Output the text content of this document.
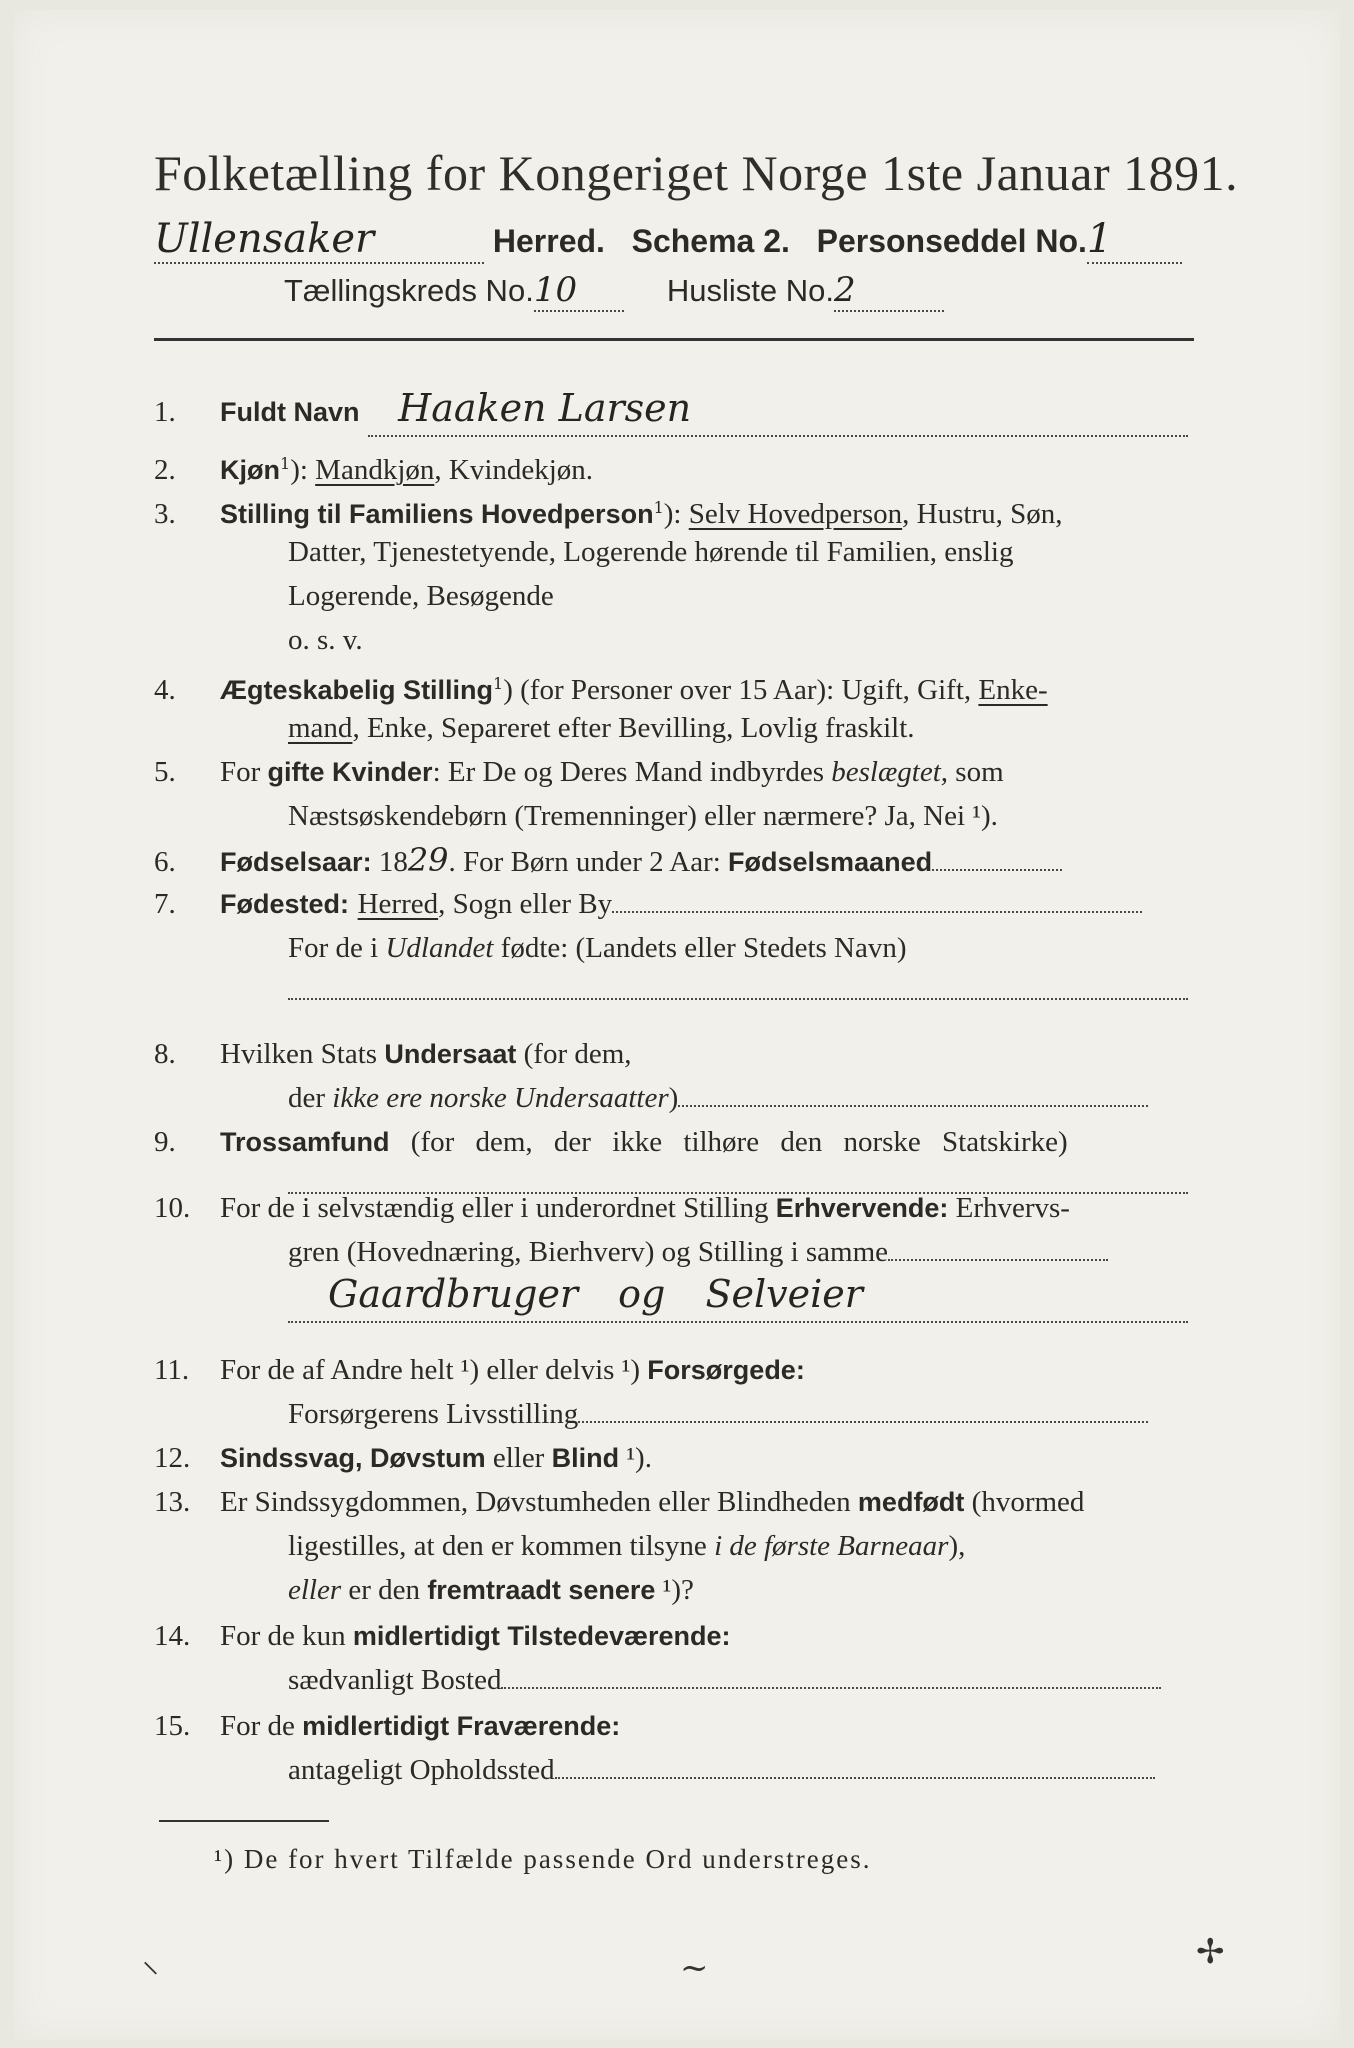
Folketælling for Kongeriget Norge 1ste Januar 1891.
Ullensaker	Herred. Schema 2. Personseddel No.1
Tællingskreds No.10	Husliste No.2
1. Fuldt Navn Haaken Larsen
2. Kjøn$^1$): Mandkjøn, Kvindekjøn.
3. Stilling til Familiens Hovedperson$^1$): Selv Hovedperson, Hustru, Søn,
Datter, Tjenestetyende, Logerende hørende til Familien, enslig
Logerende, Besøgende
o. s. v.
4. Ægteskabelig Stilling$^1$) (for Personer over 15 Aar): Ugift, Gift, Enke-
mand, Enke, Separeret efter Bevilling, Lovlig fraskilt.
5. For gifte Kvinder: Er De og Deres Mand indbyrdes beslægtet, som
Næstsøskendebørn (Tremenninger) eller nærmere? Ja, Nei ¹).
6. Fødselsaar: 1829. For Børn under 2 Aar: Fødselsmaaned
7. Fødested: Herred, Sogn eller By
For de i Udlandet fødte: (Landets eller Stedets Navn)
8. Hvilken Stats Undersaat (for dem,
der ikke ere norske Undersaatter)
9. Trossamfund (for dem, der ikke tilhøre den norske Statskirke)
10. For de i selvstændig eller i underordnet Stilling Erhvervende: Erhvervs-
gren (Hovednæring, Bierhverv) og Stilling i samme
Gaardbruger og Selveier
11. For de af Andre helt ¹) eller delvis ¹) Forsørgede:
Forsørgerens Livsstilling
12. Sindssvag, Døvstum eller Blind ¹).
13. Er Sindssygdommen, Døvstumheden eller Blindheden medfødt (hvormed
ligestilles, at den er kommen tilsyne i de første Barneaar),
eller er den fremtraadt senere ¹)?
14. For de kun midlertidigt Tilstedeværende:
sædvanligt Bosted
15. For de midlertidigt Fraværende:
antageligt Opholdssted
¹) De for hvert Tilfælde passende Ord understreges.
⸌	~	✢
